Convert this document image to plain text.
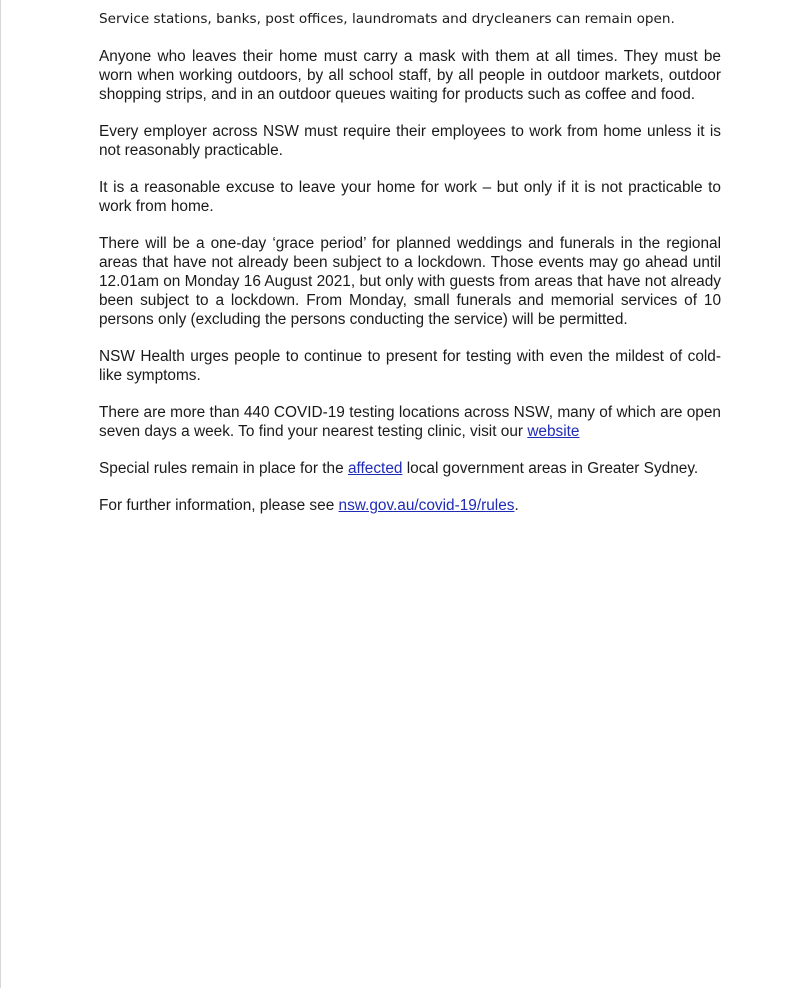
Service stations, banks, post offices, laundromats and drycleaners can remain open.

Anyone who leaves their home must carry a mask with them at all times. They must be worn when working outdoors, by all school staff, by all people in outdoor markets, outdoor shopping strips, and in an outdoor queues waiting for products such as coffee and food.

Every employer across NSW must require their employees to work from home unless it is not reasonably practicable.

It is a reasonable excuse to leave your home for work – but only if it is not practicable to work from home.

There will be a one-day ‘grace period’ for planned weddings and funerals in the regional areas that have not already been subject to a lockdown. Those events may go ahead until 12.01am on Monday 16 August 2021, but only with guests from areas that have not already been subject to a lockdown. From Monday, small funerals and memorial services of 10 persons only (excluding the persons conducting the service) will be permitted.

NSW Health urges people to continue to present for testing with even the mildest of cold-like symptoms.

There are more than 440 COVID-19 testing locations across NSW, many of which are open seven days a week. To find your nearest testing clinic, visit our website

Special rules remain in place for the affected local government areas in Greater Sydney.

For further information, please see nsw.gov.au/covid-19/rules.
